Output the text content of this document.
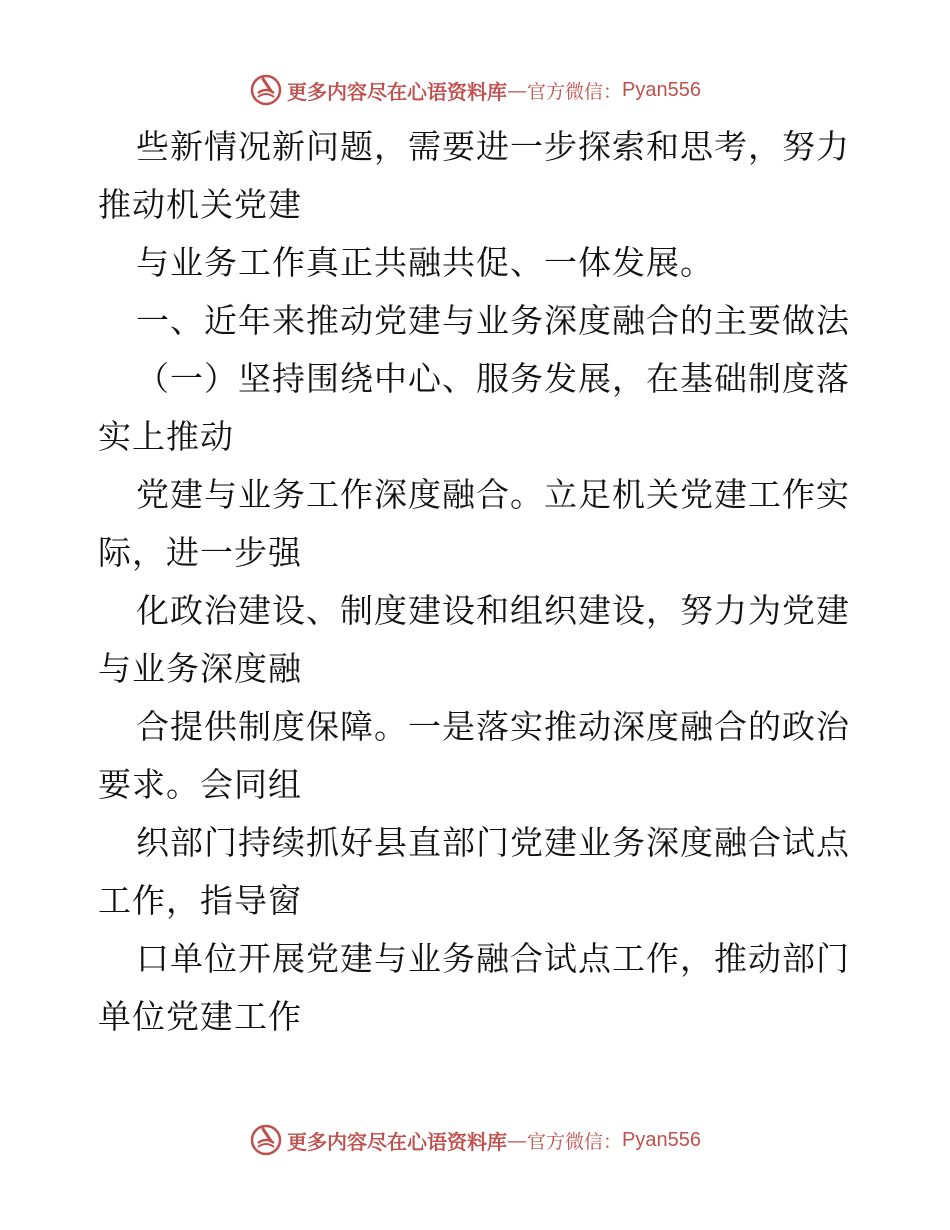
更多内容尽在心语资料库 — 官方微信： Pyan556
些新情况新问题，需要进一步探索和思考，努力
推动机关党建
与业务工作真正共融共促、一体发展。
一、近年来推动党建与业务深度融合的主要做法
（一）坚持围绕中心、服务发展，在基础制度落
实上推动
党建与业务工作深度融合。立足机关党建工作实
际，进一步强
化政治建设、制度建设和组织建设，努力为党建
与业务深度融
合提供制度保障。一是落实推动深度融合的政治
要求。会同组
织部门持续抓好县直部门党建业务深度融合试点
工作，指导窗
口单位开展党建与业务融合试点工作，推动部门
单位党建工作
更多内容尽在心语资料库 — 官方微信： Pyan556
